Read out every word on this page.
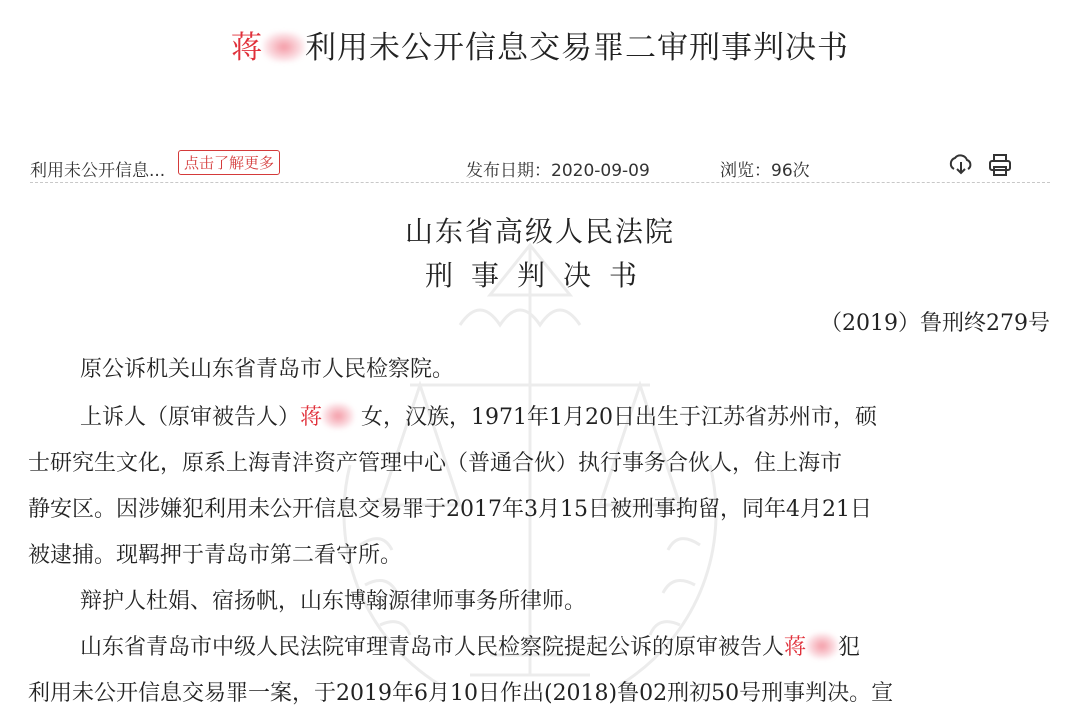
蒋 利用未公开信息交易罪二审刑事判决书
利用未公开信息...	点击了解更多	发布日期：2020-09-09	浏览：96次

山东省高级人民法院
刑事判决书
（2019）鲁刑终279号
原公诉机关山东省青岛市人民检察院。
上诉人（原审被告人）蒋 女，汉族，1971年1月20日出生于江苏省苏州市，硕
士研究生文化，原系上海青沣资产管理中心（普通合伙）执行事务合伙人，住上海市
静安区。因涉嫌犯利用未公开信息交易罪于2017年3月15日被刑事拘留，同年4月21日
被逮捕。现羁押于青岛市第二看守所。
辩护人杜娟、宿扬帆，山东博翰源律师事务所律师。
山东省青岛市中级人民法院审理青岛市人民检察院提起公诉的原审被告人蒋 犯
利用未公开信息交易罪一案，于2019年6月10日作出(2018)鲁02刑初50号刑事判决。宣
